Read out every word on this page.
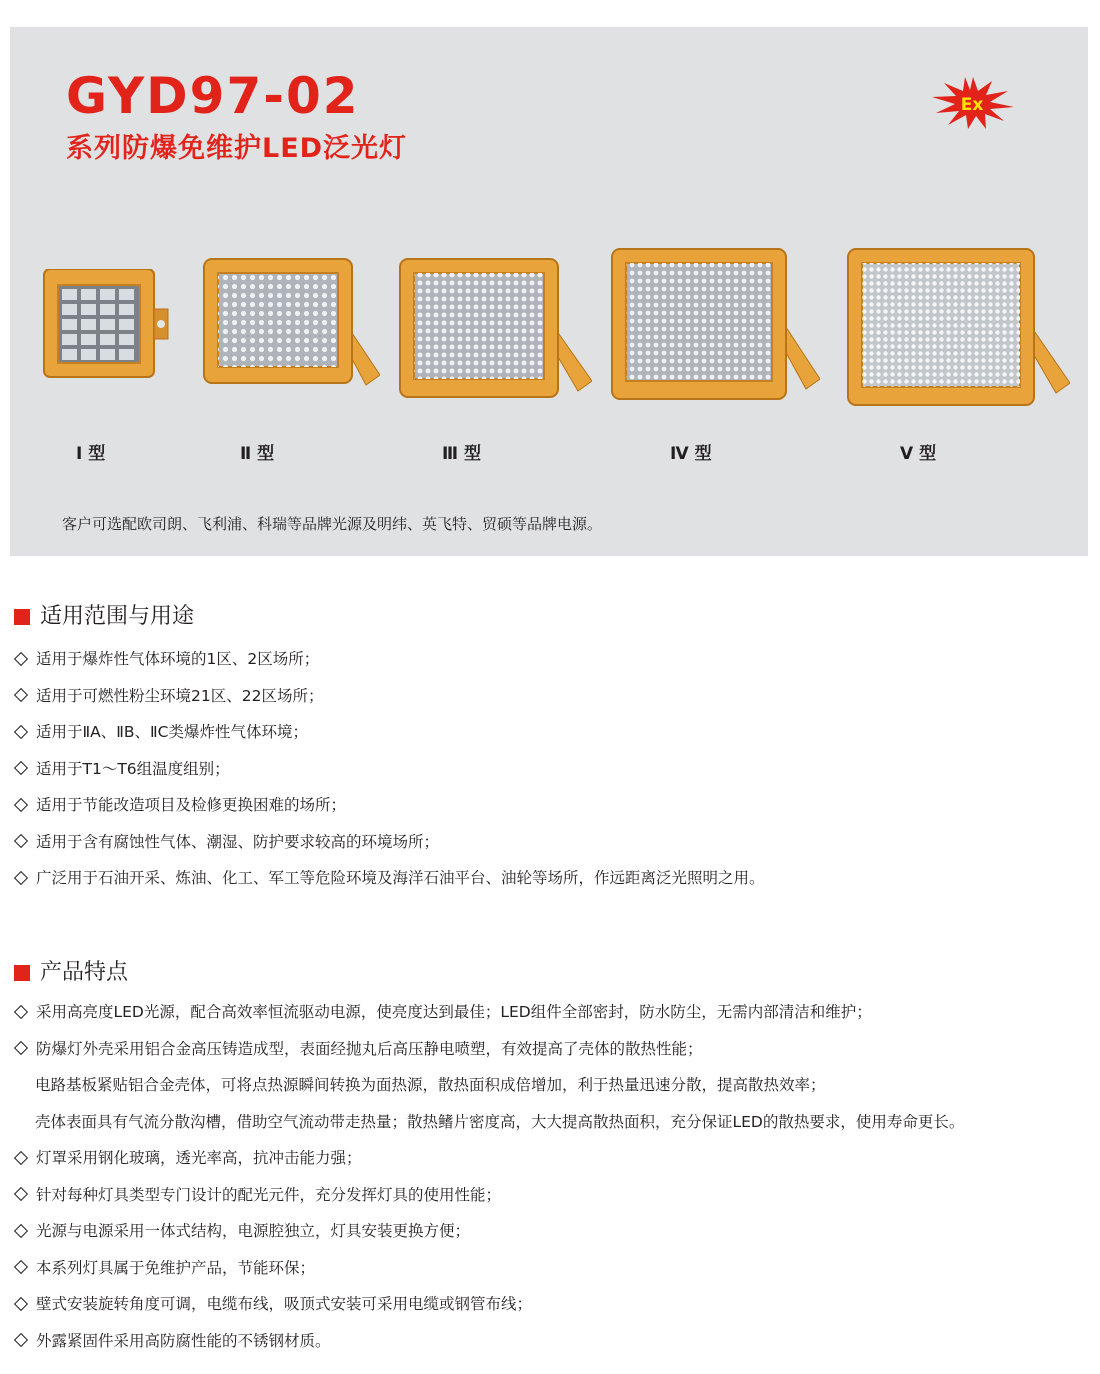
GYD97-02
系列防爆免维护LED泛光灯
Ex
Ⅰ 型	Ⅱ 型	Ⅲ 型	Ⅳ 型	Ⅴ 型
客户可选配欧司朗、飞利浦、科瑞等品牌光源及明纬、英飞特、贸硕等品牌电源。
适用范围与用途
适用于爆炸性气体环境的1区、2区场所；
适用于可燃性粉尘环境21区、22区场所；
适用于ⅡA、ⅡB、ⅡC类爆炸性气体环境；
适用于T1～T6组温度组别；
适用于节能改造项目及检修更换困难的场所；
适用于含有腐蚀性气体、潮湿、防护要求较高的环境场所；
广泛用于石油开采、炼油、化工、军工等危险环境及海洋石油平台、油轮等场所，作远距离泛光照明之用。
产品特点
采用高亮度LED光源，配合高效率恒流驱动电源，使亮度达到最佳；LED组件全部密封，防水防尘，无需内部清洁和维护；
防爆灯外壳采用铝合金高压铸造成型，表面经抛丸后高压静电喷塑，有效提高了壳体的散热性能；
电路基板紧贴铝合金壳体，可将点热源瞬间转换为面热源，散热面积成倍增加，利于热量迅速分散，提高散热效率；
壳体表面具有气流分散沟槽，借助空气流动带走热量；散热鳍片密度高，大大提高散热面积，充分保证LED的散热要求，使用寿命更长。
灯罩采用钢化玻璃，透光率高，抗冲击能力强；
针对每种灯具类型专门设计的配光元件，充分发挥灯具的使用性能；
光源与电源采用一体式结构，电源腔独立，灯具安装更换方便；
本系列灯具属于免维护产品，节能环保；
壁式安装旋转角度可调，电缆布线，吸顶式安装可采用电缆或钢管布线；
外露紧固件采用高防腐性能的不锈钢材质。
